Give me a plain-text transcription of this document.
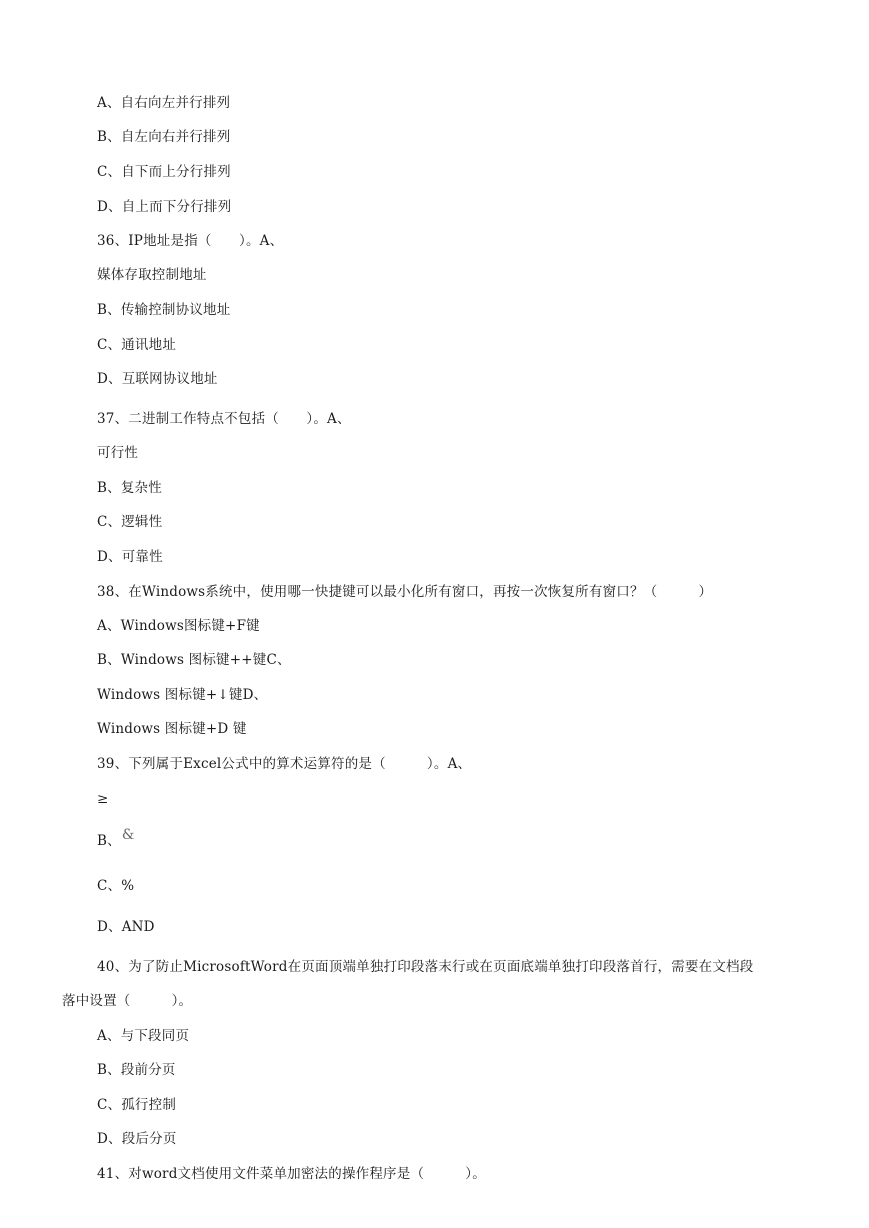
A、自右向左并行排列
B、自左向右并行排列
C、自下而上分行排列
D、自上而下分行排列
36、IP地址是指（　　）。A、
媒体存取控制地址
B、传输控制协议地址
C、通讯地址
D、互联网协议地址
37、二进制工作特点不包括（　　）。A、
可行性
B、复杂性
C、逻辑性
D、可靠性
38、在Windows系统中，使用哪一快捷键可以最小化所有窗口，再按一次恢复所有窗口？（　　　）
A、Windows图标键+F键
B、Windows 图标键++键C、
Windows 图标键+↓键D、
Windows 图标键+D 键
39、下列属于Excel公式中的算术运算符的是（　　　）。A、
≥
B、&
C、%
D、AND
40、为了防止MicrosoftWord在页面顶端单独打印段落末行或在页面底端单独打印段落首行，需要在文档段
落中设置（　　　）。
A、与下段同页
B、段前分页
C、孤行控制
D、段后分页
41、对word文档使用文件菜单加密法的操作程序是（　　　）。
